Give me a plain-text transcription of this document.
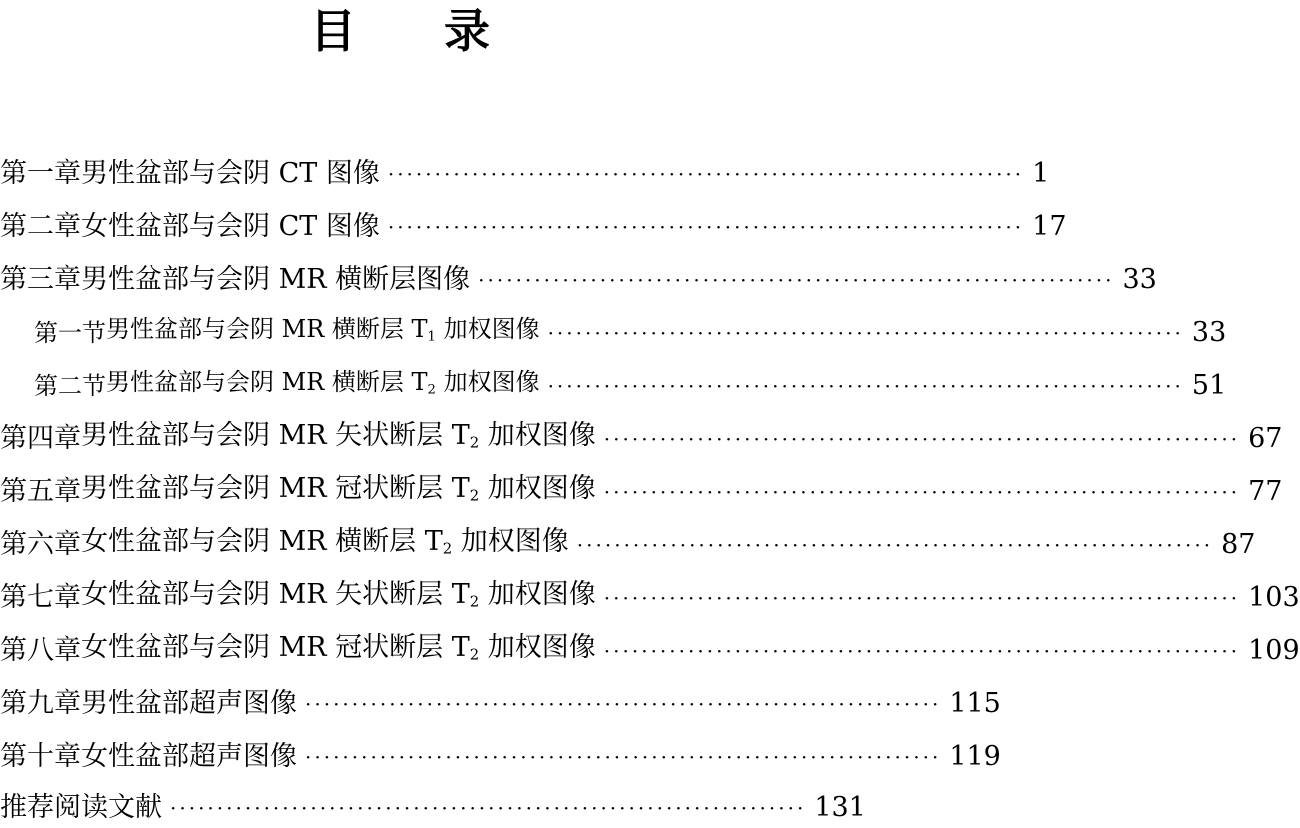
目 录
第一章 男性盆部与会阴 CT 图像 ···································································· 1
第二章 女性盆部与会阴 CT 图像 ···································································· 17
第三章 男性盆部与会阴 MR 横断层图像 ···································································· 33
第一节 男性盆部与会阴 MR 横断层 $T_1$ 加权图像 ···································································· 33
第二节 男性盆部与会阴 MR 横断层 $T_2$ 加权图像 ···································································· 51
第四章 男性盆部与会阴 MR 矢状断层 $T_2$ 加权图像 ···································································· 67
第五章 男性盆部与会阴 MR 冠状断层 $T_2$ 加权图像 ···································································· 77
第六章 女性盆部与会阴 MR 横断层 $T_2$ 加权图像 ···································································· 87
第七章 女性盆部与会阴 MR 矢状断层 $T_2$ 加权图像 ···································································· 103
第八章 女性盆部与会阴 MR 冠状断层 $T_2$ 加权图像 ···································································· 109
第九章 男性盆部超声图像 ···································································· 115
第十章 女性盆部超声图像 ···································································· 119
推荐阅读文献 ···································································· 131
